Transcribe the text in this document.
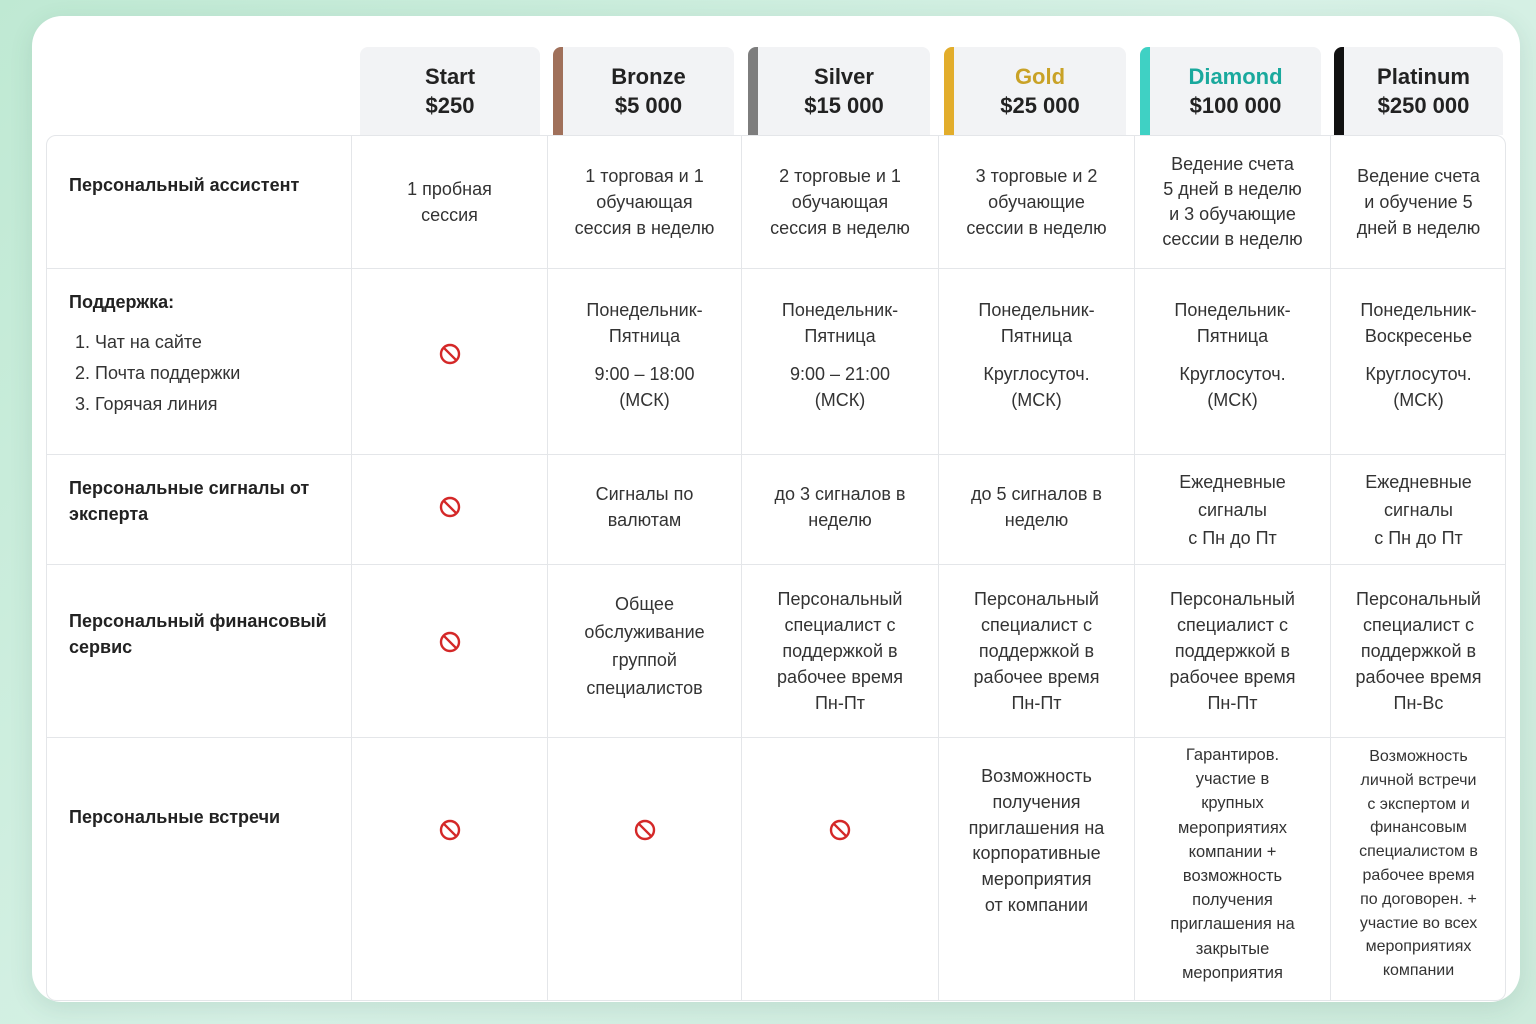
Start
$250
Bronze
$5 000
Silver
$15 000
Gold
$25 000
Diamond
$100 000
Platinum
$250 000
Персональный ассистент	1 пробная
сессия
1 торговая и 1
обучающая
сессия в неделю
2 торговые и 1
обучающая
сессия в неделю
3 торговые и 2
обучающие
сессии в неделю
Ведение счета
5 дней в неделю
и 3 обучающие
сессии в неделю
Ведение счета
и обучение 5
дней в неделю
Поддержка:
1. Чат на сайте
2. Почта поддержки
3. Горячая линия
Понедельник-
Пятница
9:00 – 18:00
(МСК)
Понедельник-
Пятница
9:00 – 21:00
(МСК)
Понедельник-
Пятница
Круглосуточ.
(МСК)
Понедельник-
Пятница
Круглосуточ.
(МСК)
Понедельник-
Воскресенье
Круглосуточ.
(МСК)
Персональные сигналы от
эксперта
Сигналы по
валютам
до 3 сигналов в
неделю
до 5 сигналов в
неделю
Ежедневные
сигналы
с Пн до Пт
Ежедневные
сигналы
с Пн до Пт
Персональный финансовый
сервис
Общее
обслуживание
группой
специалистов
Персональный
специалист с
поддержкой в
рабочее время
Пн-Пт
Персональный
специалист с
поддержкой в
рабочее время
Пн-Пт
Персональный
специалист с
поддержкой в
рабочее время
Пн-Пт
Персональный
специалист с
поддержкой в
рабочее время
Пн-Вс
Персональные встречи
Возможность
получения
приглашения на
корпоративные
мероприятия
от компании
Гарантиров.
участие в
крупных
мероприятиях
компании +
возможность
получения
приглашения на
закрытые
мероприятия
Возможность
личной встречи
с экспертом и
финансовым
специалистом в
рабочее время
по договорен. +
участие во всех
мероприятиях
компании
